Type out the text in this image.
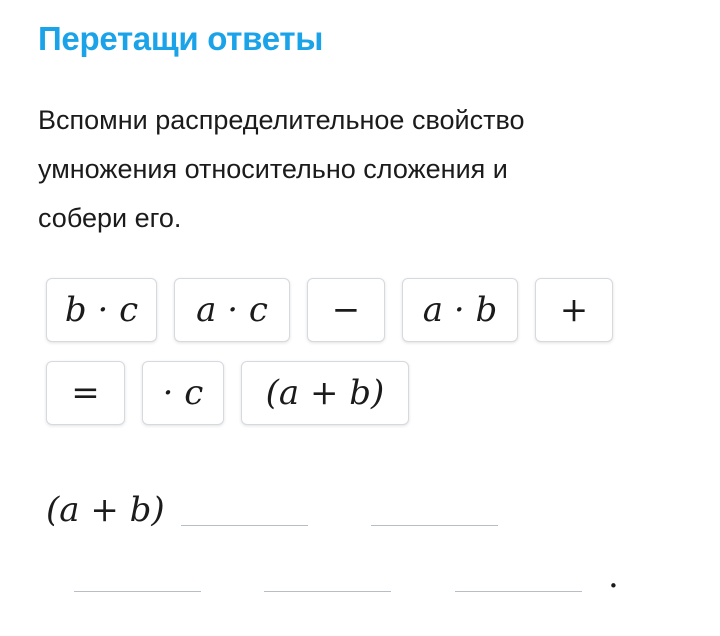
Перетащи ответы
Вспомни распределительное свойство
умножения относительно сложения и
собери его.
b · c	a · c	−	a · b	+
=	· c	(a + b)
(a + b)
.
